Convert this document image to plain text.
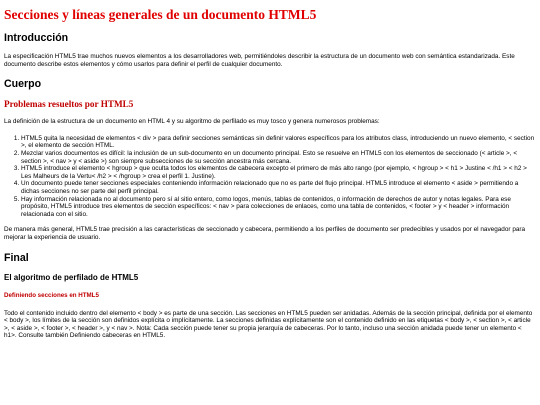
Secciones y líneas generales de un documento HTML5
Introducción

La especificación HTML5 trae muchos nuevos elementos a los desarrolladores web, permitiéndoles describir la estructura de un documento web con semántica estandarizada. Este documento describe estos elementos y cómo usarlos para definir el perfil de cualquier documento.

Cuerpo
Problemas resueltos por HTML5

La definición de la estructura de un documento en HTML 4 y su algoritmo de perfilado es muy tosco y genera numerosos problemas:

1. HTML5 quita la necesidad de elementos < div > para definir secciones semánticas sin definir valores específicos para los atributos class, introduciendo un nuevo elemento, < section >, el elemento de sección HTML.
2. Mezclar varios documentos es difícil: la inclusión de un sub-documento en un documento principal. Esto se resuelve en HTML5 con los elementos de seccionado (< article >, < section >, < nav > y < aside >) son siempre subsecciones de su sección ancestra más cercana.
3. HTML5 introduce el elemento < hgroup > que oculta todos los elementos de cabecera excepto el primero de más alto rango (por ejemplo, < hgroup > < h1 > Justine < /h1 > < h2 > Les Malheurs de la Vertu< /h2 > < /hgroup > crea el perfil 1. Justine).
4. Un documento puede tener secciones especiales conteniendo información relacionado que no es parte del flujo principal. HTML5 introduce el elemento < aside > permitiendo a dichas secciones no ser parte del perfil principal.
5. Hay información relacionada no al documento pero sí al sitio entero, como logos, menús, tablas de contenidos, o información de derechos de autor y notas legales. Para ese propósito, HTML5 introduce tres elementos de sección específicos: < nav > para colecciones de enlaces, como una tabla de contenidos, < footer > y < header > información relacionada con el sitio.

De manera más general, HTML5 trae precisión a las características de seccionado y cabecera, permitiendo a los perfiles de documento ser predecibles y usados por el navegador para mejorar la experiencia de usuario.

Final
El algoritmo de perfilado de HTML5
Definiendo secciones en HTML5

Todo el contenido incluido dentro del elemento < body > es parte de una sección. Las secciones en HTML5 pueden ser anidadas. Además de la sección principal, definida por el elemento < body >, los límites de la sección son definidos explícita o implícitamente. La secciones definidas explícitamente son el contenido definido en las etiquetas < body >, < section >, < article >, < aside >, < footer >, < header >, y < nav >. Nota: Cada sección puede tener su propia jerarquía de cabeceras. Por lo tanto, incluso una sección anidada puede tener un elemento < h1>. Consulte también Definiendo cabeceras en HTML5.
